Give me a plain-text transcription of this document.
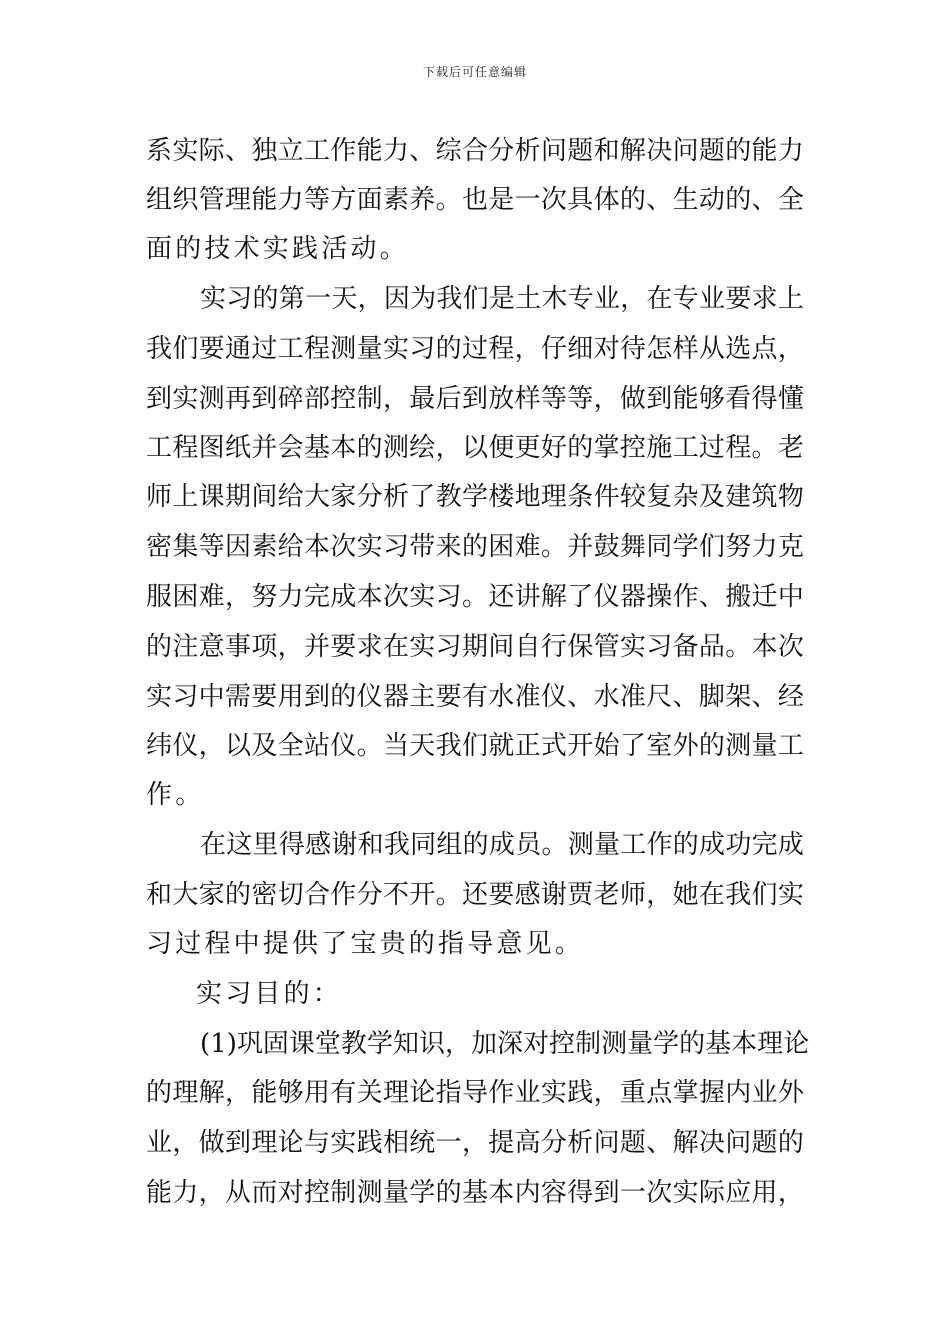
下载后可任意编辑
系 实 际 、 独 立 工 作 能 力 、 综 合 分 析 问 题 和 解 决 问 题 的 能 力
组 织 管 理 能 力 等 方 面 素 养 。 也 是 一 次 具 体 的 、 生 动 的 、 全
面的技术实践活动。
实 习 的 第 一 天 ， 因 为 我 们 是 土 木 专 业 ， 在 专 业 要 求 上
我 们 要 通 过 工 程 测 量 实 习 的 过 程 ， 仔 细 对 待 怎 样 从 选 点 ，
到 实 测 再 到 碎 部 控 制 ， 最 后 到 放 样 等 等 ， 做 到 能 够 看 得 懂
工 程 图 纸 并 会 基 本 的 测 绘 ， 以 便 更 好 的 掌 控 施 工 过 程 。 老
师 上 课 期 间 给 大 家 分 析 了 教 学 楼 地 理 条 件 较 复 杂 及 建 筑 物
密 集 等 因 素 给 本 次 实 习 带 来 的 困 难 。 并 鼓 舞 同 学 们 努 力 克
服 困 难 ， 努 力 完 成 本 次 实 习 。 还 讲 解 了 仪 器 操 作 、 搬 迁 中
的 注 意 事 项 ， 并 要 求 在 实 习 期 间 自 行 保 管 实 习 备 品 。 本 次
实 习 中 需 要 用 到 的 仪 器 主 要 有 水 准 仪 、 水 准 尺 、 脚 架 、 经
纬 仪 ， 以 及 全 站 仪 。 当 天 我 们 就 正 式 开 始 了 室 外 的 测 量 工
作。
在 这 里 得 感 谢 和 我 同 组 的 成 员 。 测 量 工 作 的 成 功 完 成
和 大 家 的 密 切 合 作 分 不 开 。 还 要 感 谢 贾 老 师 ， 她 在 我 们 实
习过程中提供了宝贵的指导意见。
实习目的：
( 1 ) 巩 固 课 堂 教 学 知 识 ， 加 深 对 控 制 测 量 学 的 基 本 理 论
的 理 解 ， 能 够 用 有 关 理 论 指 导 作 业 实 践 ， 重 点 掌 握 内 业 外
业 ， 做 到 理 论 与 实 践 相 统 一 ， 提 高 分 析 问 题 、 解 决 问 题 的
能 力 ， 从 而 对 控 制 测 量 学 的 基 本 内 容 得 到 一 次 实 际 应 用 ，
